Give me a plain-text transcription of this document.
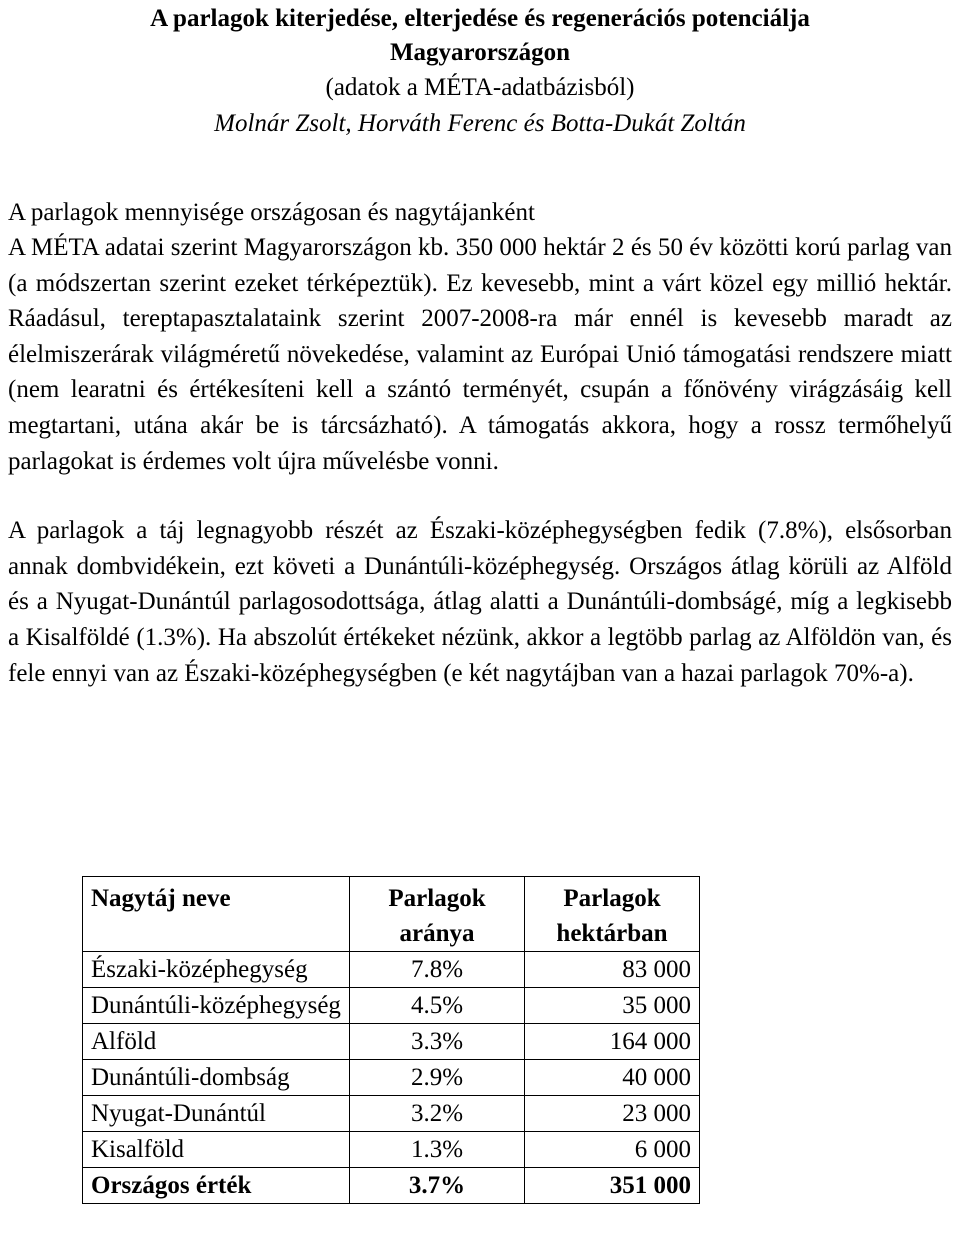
A parlagok kiterjedése, elterjedése és regenerációs potenciálja
Magyarországon
(adatok a MÉTA-adatbázisból)
Molnár Zsolt, Horváth Ferenc és Botta-Dukát Zoltán
A parlagok mennyisége országosan és nagytájanként

A MÉTA adatai szerint Magyarországon kb. 350 000 hektár 2 és 50 év közötti korú parlag van (a módszertan szerint ezeket térképeztük). Ez kevesebb, mint a várt közel egy millió hektár. Ráadásul, tereptapasztalataink szerint 2007-2008-ra már ennél is kevesebb maradt az élelmiszerárak világméretű növekedése, valamint az Európai Unió támogatási rendszere miatt (nem learatni és értékesíteni kell a szántó terményét, csupán a főnövény virágzásáig kell megtartani, utána akár be is tárcsázható). A támogatás akkora, hogy a rossz termőhelyű parlagokat is érdemes volt újra művelésbe vonni.

A parlagok a táj legnagyobb részét az Északi-középhegységben fedik (7.8%), elsősorban annak dombvidékein, ezt követi a Dunántúli-középhegység. Országos átlag körüli az Alföld és a Nyugat-Dunántúl parlagosodottsága, átlag alatti a Dunántúli-dombságé, míg a legkisebb a Kisalföldé (1.3%). Ha abszolút értékeket nézünk, akkor a legtöbb parlag az Alföldön van, és fele ennyi van az Északi-középhegységben (e két nagytájban van a hazai parlagok 70%-a).

Nagytáj neve	Parlagok aránya	Parlagok hektárban
Északi-középhegység	7.8%	83 000
Dunántúli-középhegység	4.5%	35 000
Alföld	3.3%	164 000
Dunántúli-dombság	2.9%	40 000
Nyugat-Dunántúl	3.2%	23 000
Kisalföld	1.3%	6 000
Országos érték	3.7%	351 000
